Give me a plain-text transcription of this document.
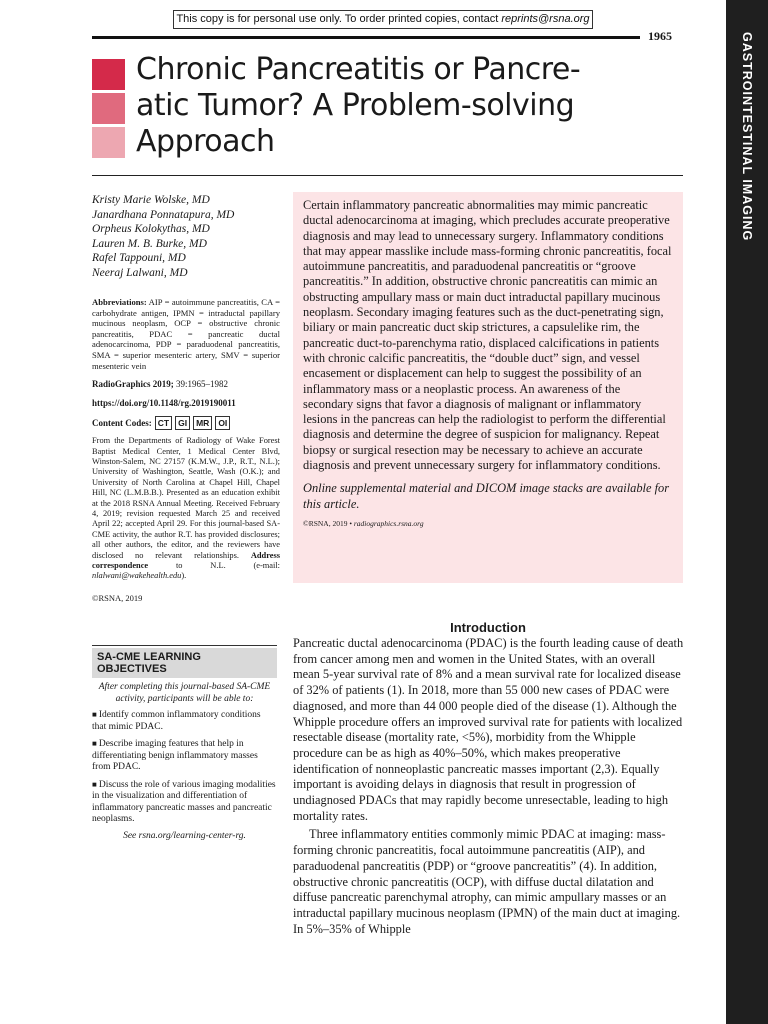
This copy is for personal use only. To order printed copies, contact reprints@rsna.org
1965	GASTROINTESTINAL IMAGING
Chronic Pancreatitis or Pancre-
atic Tumor? A Problem-solving
Approach
Kristy Marie Wolske, MD
Janardhana Ponnatapura, MD
Orpheus Kolokythas, MD
Lauren M. B. Burke, MD
Rafel Tappouni, MD
Neeraj Lalwani, MD
Abbreviations: AIP = autoimmune pancreatitis, CA = carbohydrate antigen, IPMN = intraductal papillary mucinous neoplasm, OCP = obstructive chronic pancreatitis, PDAC = pancreatic ductal adenocarcinoma, PDP = paraduodenal pancreatitis, SMA = superior mesenteric artery, SMV = superior mesenteric vein
RadioGraphics 2019; 39:1965–1982
https://doi.org/10.1148/rg.2019190011
Content Codes: CT	GI	MR	OI
From the Departments of Radiology of Wake Forest Baptist Medical Center, 1 Medical Center Blvd, Winston-Salem, NC 27157 (K.M.W., J.P., R.T., N.L.); University of Washington, Seattle, Wash (O.K.); and University of North Carolina at Chapel Hill, Chapel Hill, NC (L.M.B.B.). Presented as an education exhibit at the 2018 RSNA Annual Meeting. Received February 4, 2019; revision requested March 25 and received April 22; accepted April 29. For this journal-based SA-CME activity, the author R.T. has provided disclosures; all other authors, the editor, and the reviewers have disclosed no relevant relationships. Address correspondence to N.L. (e-mail: nlalwani@wakehealth.edu).
©RSNA, 2019
SA-CME LEARNING OBJECTIVES
After completing this journal-based SA-CME activity, participants will be able to:
■ Identify common inflammatory conditions that mimic PDAC.
■ Describe imaging features that help in differentiating benign inflammatory masses from PDAC.
■ Discuss the role of various imaging modalities in the visualization and differentiation of inflammatory pancreatic masses and pancreatic neoplasms.
See rsna.org/learning-center-rg.
Certain inflammatory pancreatic abnormalities may mimic pancreatic ductal adenocarcinoma at imaging, which precludes accurate preoperative diagnosis and may lead to unnecessary surgery. Inflammatory conditions that may appear masslike include mass-forming chronic pancreatitis, focal autoimmune pancreatitis, and paraduodenal pancreatitis or “groove pancreatitis.” In addition, obstructive chronic pancreatitis can mimic an obstructing ampullary mass or main duct intraductal papillary mucinous neoplasm. Secondary imaging features such as the duct-penetrating sign, biliary or main pancreatic duct skip strictures, a capsulelike rim, the pancreatic duct-to-parenchyma ratio, displaced calcifications in patients with chronic calcific pancreatitis, the “double duct” sign, and vessel encasement or displacement can help to suggest the possibility of an inflammatory mass or a neoplastic process. An awareness of the secondary signs that favor a diagnosis of malignant or inflammatory lesions in the pancreas can help the radiologist to perform the differential diagnosis and determine the degree of suspicion for malignancy. Repeat biopsy or surgical resection may be necessary to achieve an accurate diagnosis and prevent unnecessary surgery for inflammatory conditions.
Online supplemental material and DICOM image stacks are available for this article.
©RSNA, 2019 • radiographics.rsna.org
Introduction

Pancreatic ductal adenocarcinoma (PDAC) is the fourth leading cause of death from cancer among men and women in the United States, with an overall mean 5-year survival rate of 8% and a mean survival rate for localized disease of 32% of patients (1). In 2018, more than 55 000 new cases of PDAC were diagnosed, and more than 44 000 people died of the disease (1). Although the Whipple procedure offers an improved survival rate for patients with localized resectable disease (mortality rate, <5%), morbidity from the Whipple procedure can be as high as 40%–50%, which makes preoperative identification of nonneoplastic pancreatic masses important (2,3). Equally important is avoiding delays in diagnosis that result in progression of undiagnosed PDACs that may rapidly become unresectable, leading to high mortality rates.

Three inflammatory entities commonly mimic PDAC at imaging: mass-forming chronic pancreatitis, focal autoimmune pancreatitis (AIP), and paraduodenal pancreatitis (PDP) or “groove pancreatitis” (4). In addition, obstructive chronic pancreatitis (OCP), with diffuse ductal dilatation and diffuse pancreatic parenchymal atrophy, can mimic ampullary masses or an intraductal papillary mucinous neoplasm (IPMN) of the main duct at imaging. In 5%–35% of Whipple
